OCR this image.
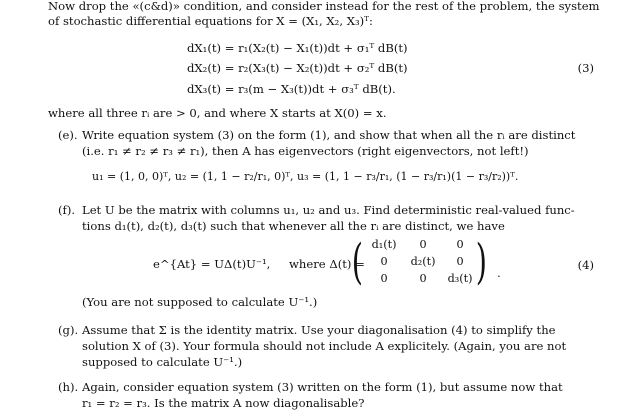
Now drop the «(c&d)» condition, and consider instead for the rest of the problem, the system
of stochastic differential equations for X = (X₁, X₂, X₃)ᵀ:
dX₁(t) = r₁(X₂(t) − X₁(t))dt + σ₁ᵀ dB(t)
dX₂(t) = r₂(X₃(t) − X₂(t))dt + σ₂ᵀ dB(t)
dX₃(t) = r₃(m − X₃(t))dt + σ₃ᵀ dB(t).
(3)
where all three rᵢ are > 0, and where X starts at X(0) = x.
(e). Write equation system (3) on the form (1), and show that when all the rᵢ are distinct
(i.e. r₁ ≠ r₂ ≠ r₃ ≠ r₁), then A has eigenvectors (right eigenvectors, not left!)
u₁ = (1, 0, 0)ᵀ, u₂ = (1, 1 − r₂/r₁, 0)ᵀ, u₃ = (1, 1 − r₃/r₁, (1 − r₃/r₁)(1 − r₃/r₂))ᵀ.
(f). Let U be the matrix with columns u₁, u₂ and u₃. Find deterministic real-valued func-
tions d₁(t), d₂(t), d₃(t) such that whenever all the rᵢ are distinct, we have
e^{At} = UΔ(t)U⁻¹, where Δ(t) =
( d₁(t)	0	0
0	d₂(t)	0
0	0	d₃(t) ) .
(4)
(You are not supposed to calculate U⁻¹.)
(g). Assume that Σ is the identity matrix. Use your diagonalisation (4) to simplify the
solution X of (3). Your formula should not include A explicitely. (Again, you are not
supposed to calculate U⁻¹.)
(h). Again, consider equation system (3) written on the form (1), but assume now that
r₁ = r₂ = r₃. Is the matrix A now diagonalisable?
